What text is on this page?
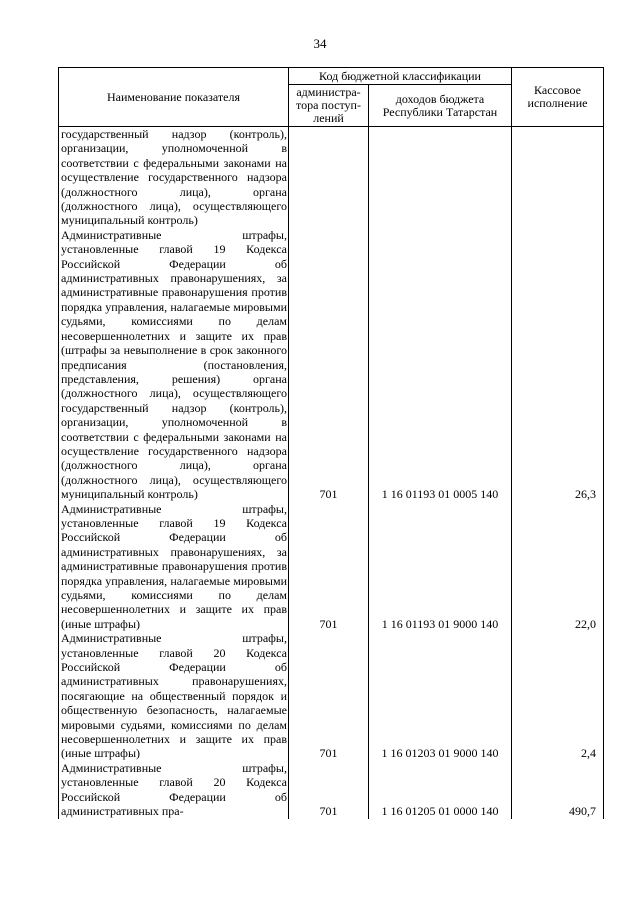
34
Наименование показателя	Код бюджетной классификации		Кассовое исполнение
	администра-тора поступ-лений	доходов бюджета Республики Татарстан	
государственный надзор (контроль), организации, уполномоченной в соответствии с федеральными законами на осуществление государственного надзора (должностного лица), органа (должностного лица), осуществляющего муниципальный контроль)			
Административные штрафы, установленные главой 19 Кодекса Российской Федерации об административных правонарушениях, за административные правонарушения против порядка управления, налагаемые мировыми судьями, комиссиями по делам несовершеннолетних и защите их прав (штрафы за невыполнение в срок законного предписания (постановления, представления, решения) органа (должностного лица), осуществляющего государственный надзор (контроль), организации, уполномоченной в соответствии с федеральными законами на осуществление государственного надзора (должностного лица), органа (должностного лица), осуществляющего муниципальный контроль)	701	1 16 01193 01 0005 140	26,3
Административные штрафы, установленные главой 19 Кодекса Российской Федерации об административных правонарушениях, за административные правонарушения против порядка управления, налагаемые мировыми судьями, комиссиями по делам несовершеннолетних и защите их прав (иные штрафы)	701	1 16 01193 01 9000 140	22,0
Административные штрафы, установленные главой 20 Кодекса Российской Федерации об административных правонарушениях, посягающие на общественный порядок и общественную безопасность, налагаемые мировыми судьями, комиссиями по делам несовершеннолетних и защите их прав (иные штрафы)	701	1 16 01203 01 9000 140	2,4
Административные штрафы, установленные главой 20 Кодекса Российской Федерации об административных пра-	701	1 16 01205 01 0000 140	490,7
